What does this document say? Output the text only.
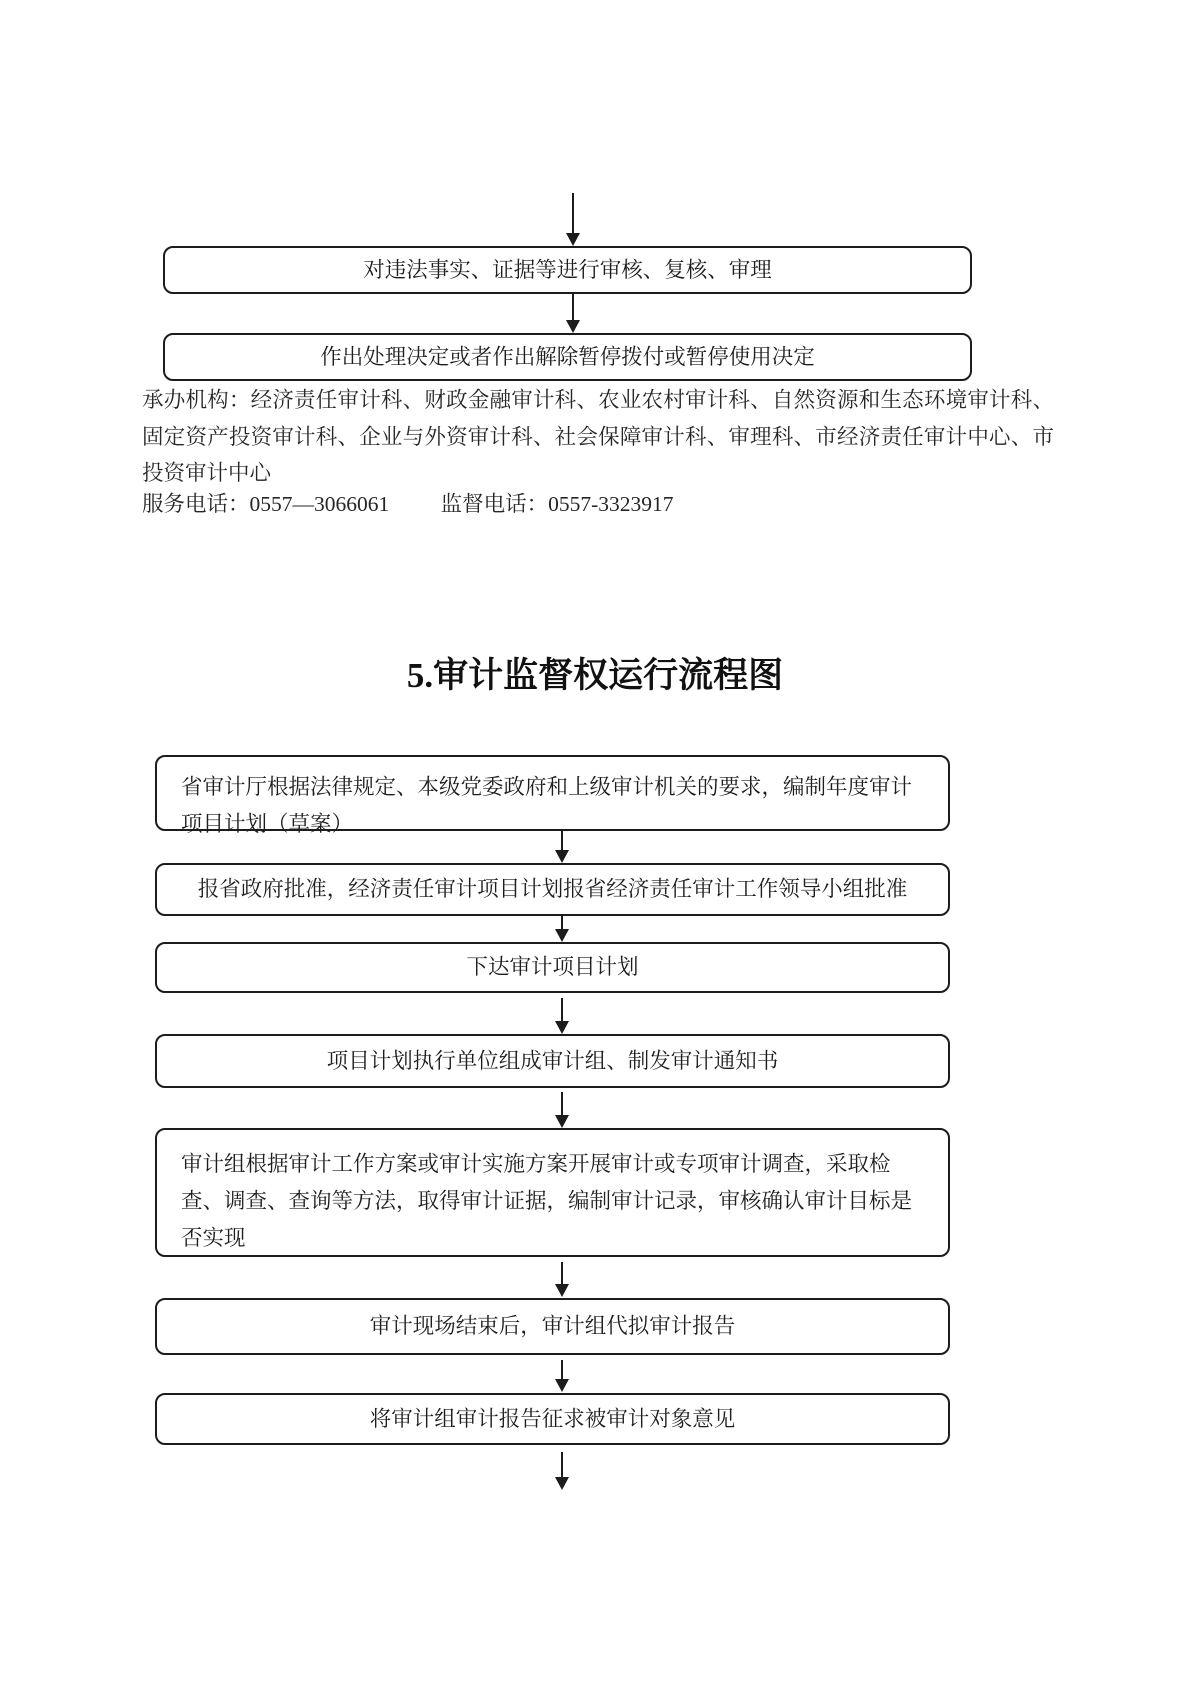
对违法事实、证据等进行审核、复核、审理
作出处理决定或者作出解除暂停拨付或暂停使用决定
承办机构：经济责任审计科、财政金融审计科、农业农村审计科、自然资源和生态环境审计科、固定资产投资审计科、企业与外资审计科、社会保障审计科、审理科、市经济责任审计中心、市投资审计中心
服务电话：0557—3066061 监督电话：0557-3323917
5.审计监督权运行流程图
省审计厅根据法律规定、本级党委政府和上级审计机关的要求，编制年度审计项目计划（草案）
报省政府批准，经济责任审计项目计划报省经济责任审计工作领导小组批准
下达审计项目计划
项目计划执行单位组成审计组、制发审计通知书
审计组根据审计工作方案或审计实施方案开展审计或专项审计调查，采取检查、调查、查询等方法，取得审计证据，编制审计记录，审核确认审计目标是否实现
审计现场结束后，审计组代拟审计报告
将审计组审计报告征求被审计对象意见
